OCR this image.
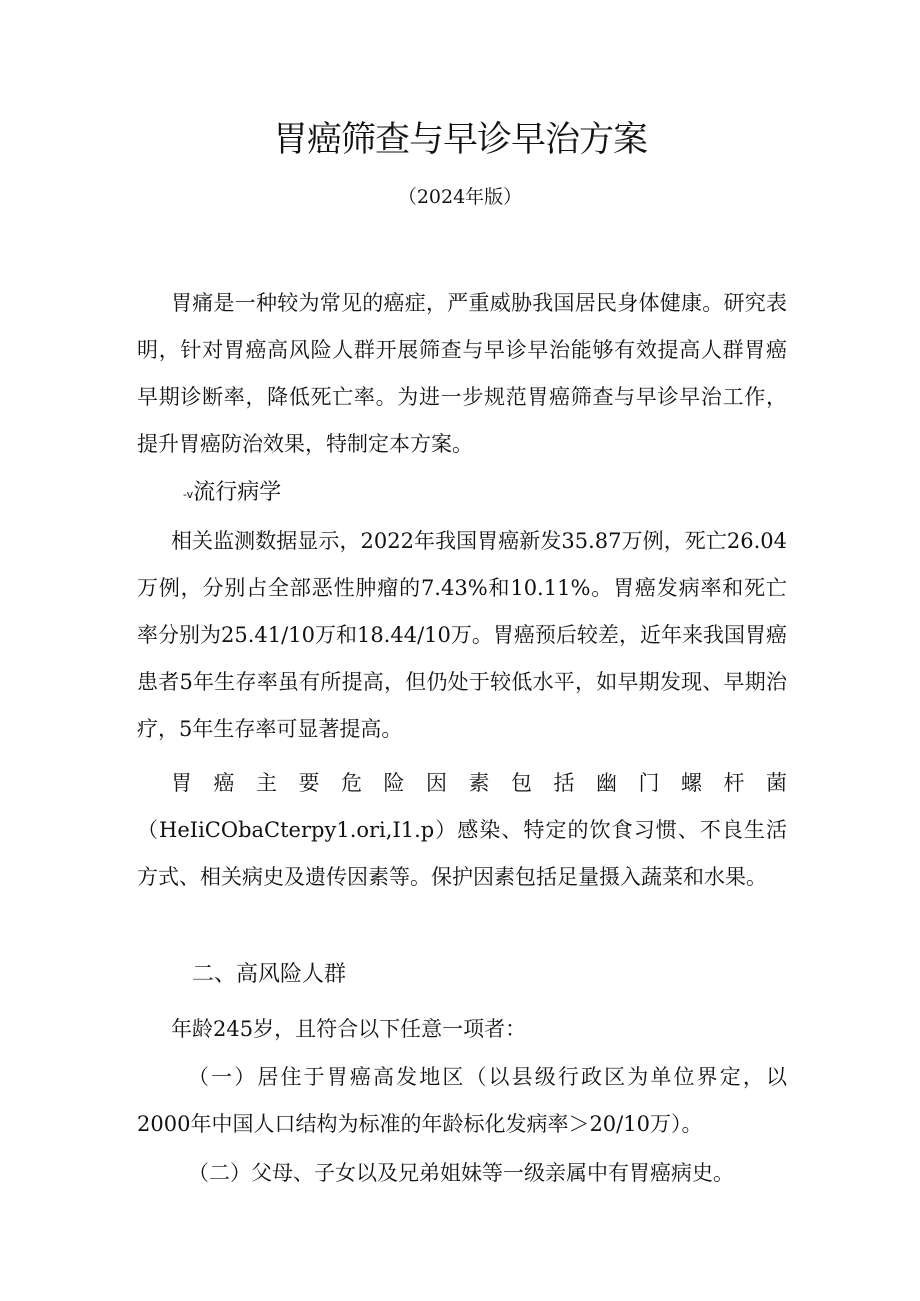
胃癌筛查与早诊早治方案
（2024年版）

胃痛是一种较为常见的癌症，严重威胁我国居民身体健康。研究表明，针对胃癌高风险人群开展筛查与早诊早治能够有效提高人群胃癌早期诊断率，降低死亡率。为进一步规范胃癌筛查与早诊早治工作，提升胃癌防治效果，特制定本方案。

-v流行病学

相关监测数据显示，2022年我国胃癌新发35.87万例，死亡26.04万例，分别占全部恶性肿瘤的7.43%和10.11%。胃癌发病率和死亡率分别为25.41/10万和18.44/10万。胃癌预后较差，近年来我国胃癌患者5年生存率虽有所提高，但仍处于较低水平，如早期发现、早期治疗，5年生存率可显著提高。

胃癌主要危险因素包括幽门螺杆菌（HeIiCObaCterpy1.ori,I1.p）感染、特定的饮食习惯、不良生活方式、相关病史及遗传因素等。保护因素包括足量摄入蔬菜和水果。

二、高风险人群

年龄245岁，且符合以下任意一项者：

（一）居住于胃癌高发地区（以县级行政区为单位界定，以2000年中国人口结构为标准的年龄标化发病率＞20/10万）。

（二）父母、子女以及兄弟姐妹等一级亲属中有胃癌病史。
